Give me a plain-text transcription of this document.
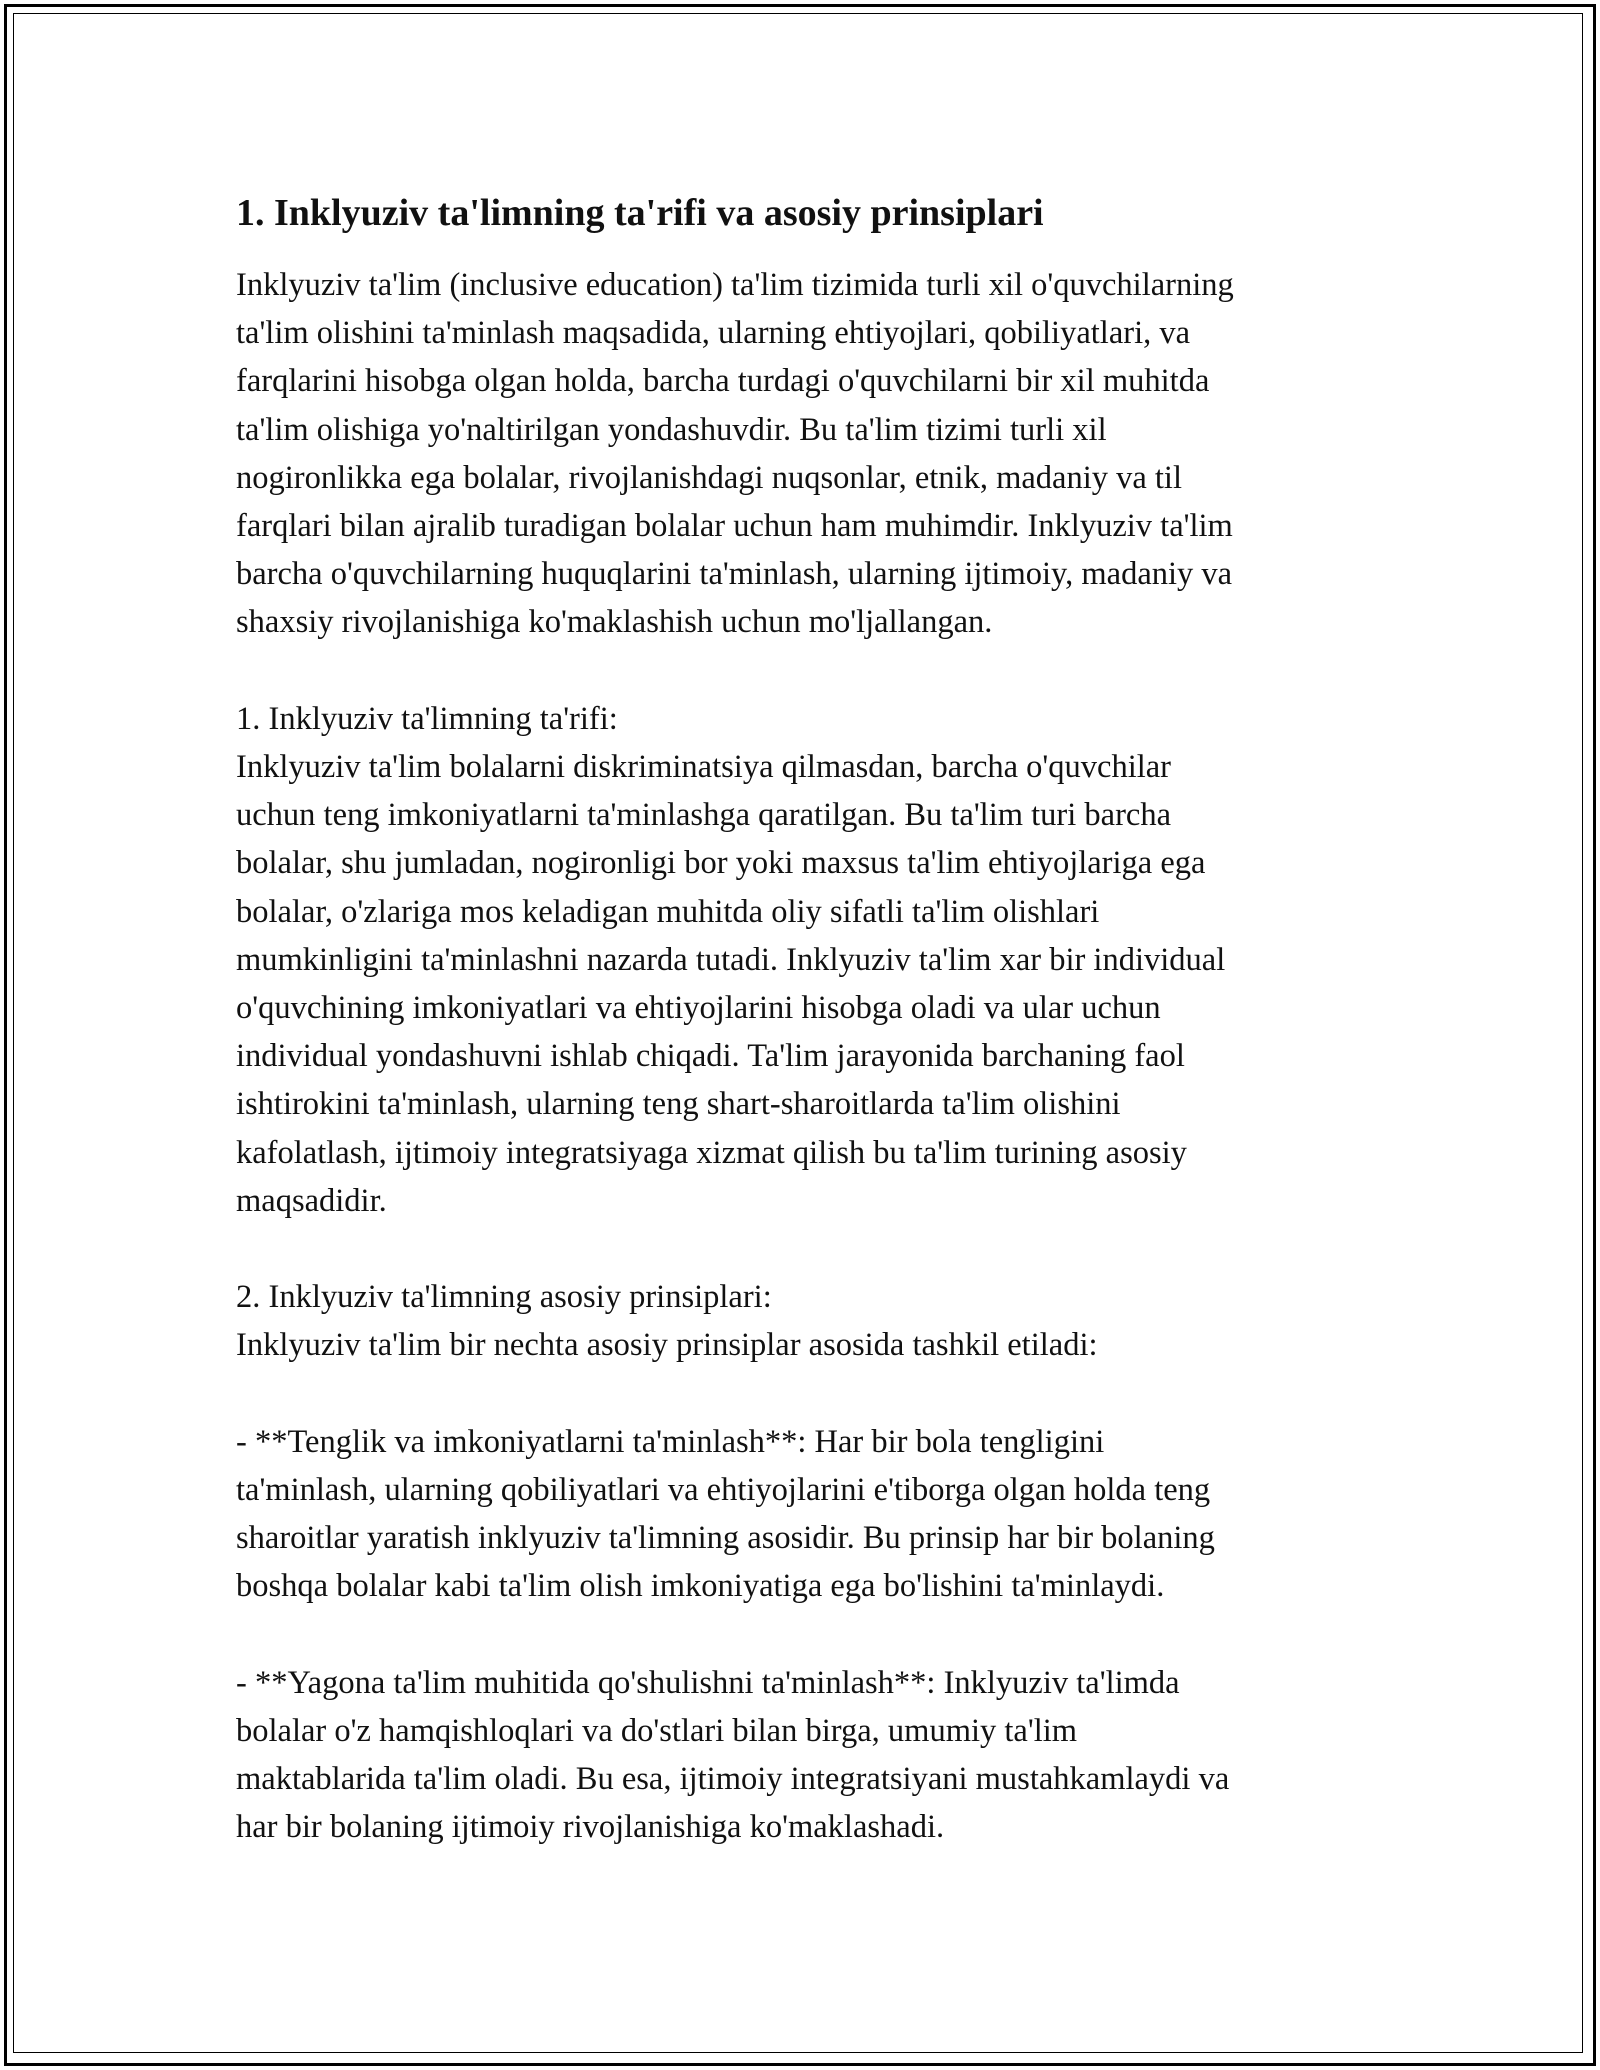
1. Inklyuziv ta'limning ta'rifi va asosiy prinsiplari
Inklyuziv ta'lim (inclusive education) ta'lim tizimida turli xil o'quvchilarning
ta'lim olishini ta'minlash maqsadida, ularning ehtiyojlari, qobiliyatlari, va
farqlarini hisobga olgan holda, barcha turdagi o'quvchilarni bir xil muhitda
ta'lim olishiga yo'naltirilgan yondashuvdir. Bu ta'lim tizimi turli xil
nogironlikka ega bolalar, rivojlanishdagi nuqsonlar, etnik, madaniy va til
farqlari bilan ajralib turadigan bolalar uchun ham muhimdir. Inklyuziv ta'lim
barcha o'quvchilarning huquqlarini ta'minlash, ularning ijtimoiy, madaniy va
shaxsiy rivojlanishiga ko'maklashish uchun mo'ljallangan.
1. Inklyuziv ta'limning ta'rifi:
Inklyuziv ta'lim bolalarni diskriminatsiya qilmasdan, barcha o'quvchilar
uchun teng imkoniyatlarni ta'minlashga qaratilgan. Bu ta'lim turi barcha
bolalar, shu jumladan, nogironligi bor yoki maxsus ta'lim ehtiyojlariga ega
bolalar, o'zlariga mos keladigan muhitda oliy sifatli ta'lim olishlari
mumkinligini ta'minlashni nazarda tutadi. Inklyuziv ta'lim xar bir individual
o'quvchining imkoniyatlari va ehtiyojlarini hisobga oladi va ular uchun
individual yondashuvni ishlab chiqadi. Ta'lim jarayonida barchaning faol
ishtirokini ta'minlash, ularning teng shart-sharoitlarda ta'lim olishini
kafolatlash, ijtimoiy integratsiyaga xizmat qilish bu ta'lim turining asosiy
maqsadidir.
2. Inklyuziv ta'limning asosiy prinsiplari:
Inklyuziv ta'lim bir nechta asosiy prinsiplar asosida tashkil etiladi:
- **Tenglik va imkoniyatlarni ta'minlash**: Har bir bola tengligini
ta'minlash, ularning qobiliyatlari va ehtiyojlarini e'tiborga olgan holda teng
sharoitlar yaratish inklyuziv ta'limning asosidir. Bu prinsip har bir bolaning
boshqa bolalar kabi ta'lim olish imkoniyatiga ega bo'lishini ta'minlaydi.
- **Yagona ta'lim muhitida qo'shulishni ta'minlash**: Inklyuziv ta'limda
bolalar o'z hamqishloqlari va do'stlari bilan birga, umumiy ta'lim
maktablarida ta'lim oladi. Bu esa, ijtimoiy integratsiyani mustahkamlaydi va
har bir bolaning ijtimoiy rivojlanishiga ko'maklashadi.
